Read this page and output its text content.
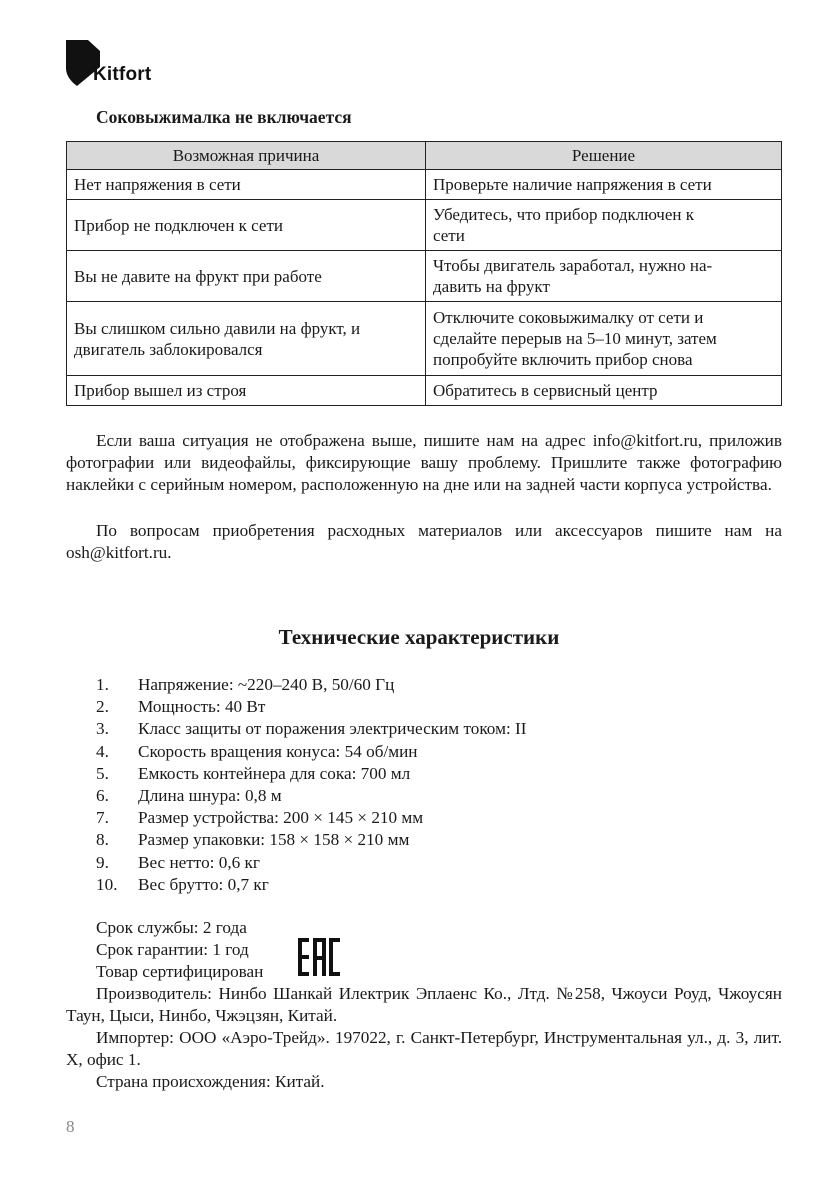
Kitfort
Соковыжималка не включается
Возможная причина	Решение
Нет напряжения в сети	Проверьте наличие напряжения в сети
Прибор не подключен к сети	Убедитесь, что прибор подключен к
сети
Вы не давите на фрукт при работе	Чтобы двигатель заработал, нужно на-
давить на фрукт
Вы слишком сильно давили на фрукт, и
двигатель заблокировался	Отключите соковыжималку от сети и
сделайте перерыв на 5–10 минут, затем
попробуйте включить прибор снова
Прибор вышел из строя	Обратитесь в сервисный центр

Если ваша ситуация не отображена выше, пишите нам на адрес info@kitfort.ru, приложив фотографии или видеофайлы, фиксирующие вашу проблему. Пришлите также фотографию наклейки с серийным номером, расположенную на дне или на задней части корпуса устройства.

По вопросам приобретения расходных материалов или аксессуаров пишите нам на osh@kitfort.ru.

Технические характеристики
1.	Напряжение: ~220–240 В, 50/60 Гц
2.	Мощность: 40 Вт
3.	Класс защиты от поражения электрическим током: II
4.	Скорость вращения конуса: 54 об/мин
5.	Емкость контейнера для сока: 700 мл
6.	Длина шнура: 0,8 м
7.	Размер устройства: 200 × 145 × 210 мм
8.	Размер упаковки: 158 × 158 × 210 мм
9.	Вес нетто: 0,6 кг
10.	Вес брутто: 0,7 кг
Срок службы: 2 года
Срок гарантии: 1 год
Товар сертифицирован

Производитель: Нинбо Шанкай Илектрик Эплаенс Ко., Лтд. №258, Чжоуси Роуд, Чжоусян Таун, Цыси, Нинбо, Чжэцзян, Китай.

Импортер: ООО «Аэро-Трейд». 197022, г. Санкт-Петербург, Инструментальная ул., д. 3, лит. Х, офис 1.

Страна происхождения: Китай.

8
